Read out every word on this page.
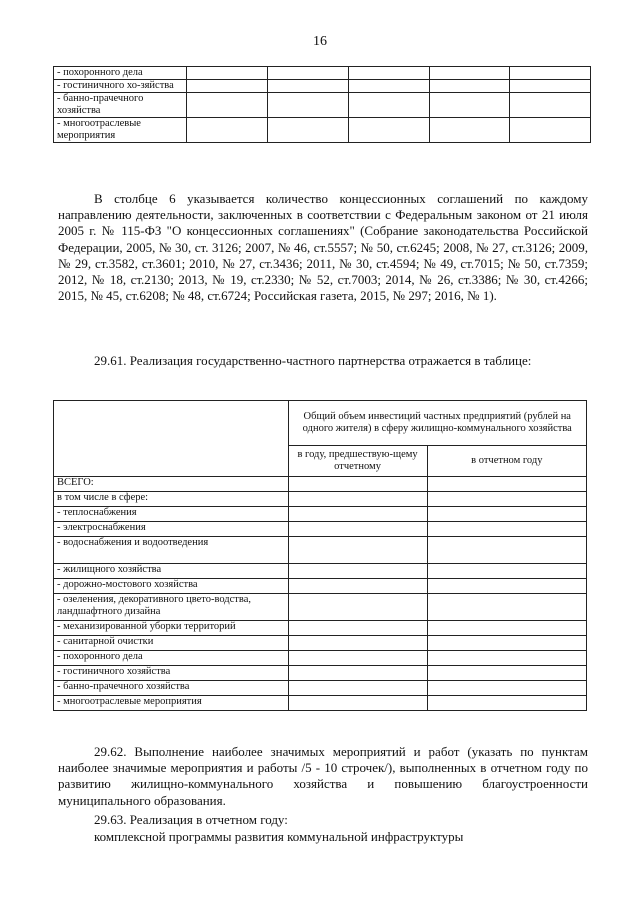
16
- похоронного дела					
- гостиничного хо-зяйства					
- банно-прачечного хозяйства					
- многоотраслевые мероприятия					
В столбце 6 указывается количество концессионных соглашений по каждому направлению деятельности, заключенных в соответствии с Федеральным законом от 21 июля 2005 г. № 115-ФЗ "О концессионных соглашениях" (Собрание законодательства Российской Федерации, 2005, № 30, ст. 3126; 2007, № 46, ст.5557; № 50, ст.6245; 2008, № 27, ст.3126; 2009, № 29, ст.3582, ст.3601; 2010, № 27, ст.3436; 2011, № 30, ст.4594; № 49, ст.7015; № 50, ст.7359; 2012, № 18, ст.2130; 2013, № 19, ст.2330; № 52, ст.7003; 2014, № 26, ст.3386; № 30, ст.4266; 2015, № 45, ст.6208; № 48, ст.6724; Российская газета, 2015, № 297; 2016, № 1).
29.61. Реализация государственно-частного партнерства отражается в таблице:
	Общий объем инвестиций частных предприятий (рублей на одного жителя) в сферу жилищно-коммунального хозяйства	
	в году, предшествую-щему отчетному	в отчетном году
ВСЕГО:		
в том числе в сфере:		
- теплоснабжения		
- электроснабжения		
- водоснабжения и водоотведения		
- жилищного хозяйства		
- дорожно-мостового хозяйства		
- озеленения, декоративного цвето-водства, ландшафтного дизайна		
- механизированной уборки территорий		
- санитарной очистки		
- похоронного дела		
- гостиничного хозяйства		
- банно-прачечного хозяйства		
- многоотраслевые мероприятия		
29.62. Выполнение наиболее значимых мероприятий и работ (указать по пунктам наиболее значимые мероприятия и работы /5 - 10 строчек/), выполненных в отчетном году по развитию жилищно-коммунального хозяйства и повышению благоустроенности муниципального образования.
29.63. Реализация в отчетном году:
комплексной программы развития коммунальной инфраструктуры
